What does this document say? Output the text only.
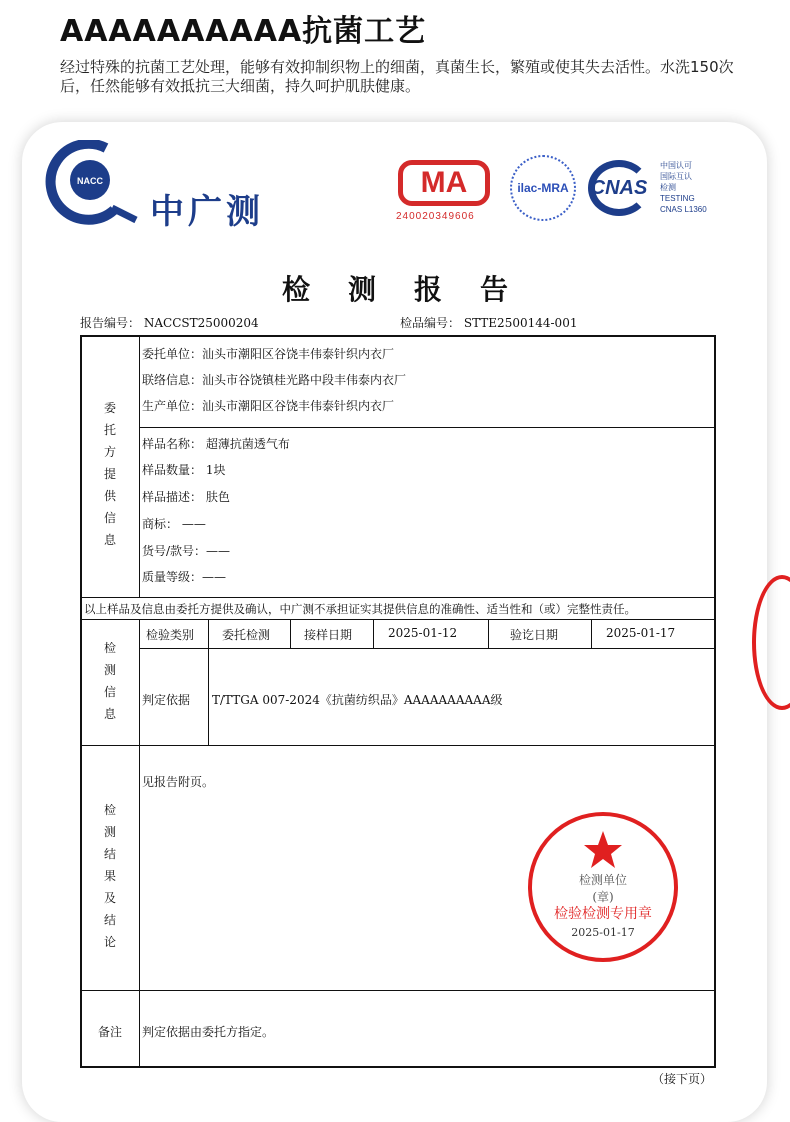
AAAAAAAAAA抗菌工艺
经过特殊的抗菌工艺处理，能够有效抑制织物上的细菌，真菌生长，繁殖或使其失去活性。水洗150次后，任然能够有效抵抗三大细菌，持久呵护肌肤健康。
NACC
中广测
MA
240020349606
ilac-MRA	CNAS
中国认可
国际互认
检测
TESTING
CNAS L1360
检测报告
报告编号： NACCST25000204	检品编号： STTE2500144-001
委托方提供信息
委托单位：汕头市潮阳区谷饶丰伟泰针织内衣厂
联络信息：汕头市谷饶镇桂光路中段丰伟泰内衣厂
生产单位：汕头市潮阳区谷饶丰伟泰针织内衣厂
样品名称： 超薄抗菌透气布
样品数量： 1块
样品描述： 肤色
商标： ——
货号/款号：——
质量等级：——
以上样品及信息由委托方提供及确认，中广测不承担证实其提供信息的准确性、适当性和（或）完整性责任。
检测信息
检验类别 委托检测	接样日期	2025-01-12	验讫日期	2025-01-17
判定依据 T/TTGA 007-2024《抗菌纺织品》AAAAAAAAAA级
检测结果及结论
见报告附页。
备注 判定依据由委托方指定。
检测单位
(章)
检验检测专用章
2025-01-17
（接下页）
